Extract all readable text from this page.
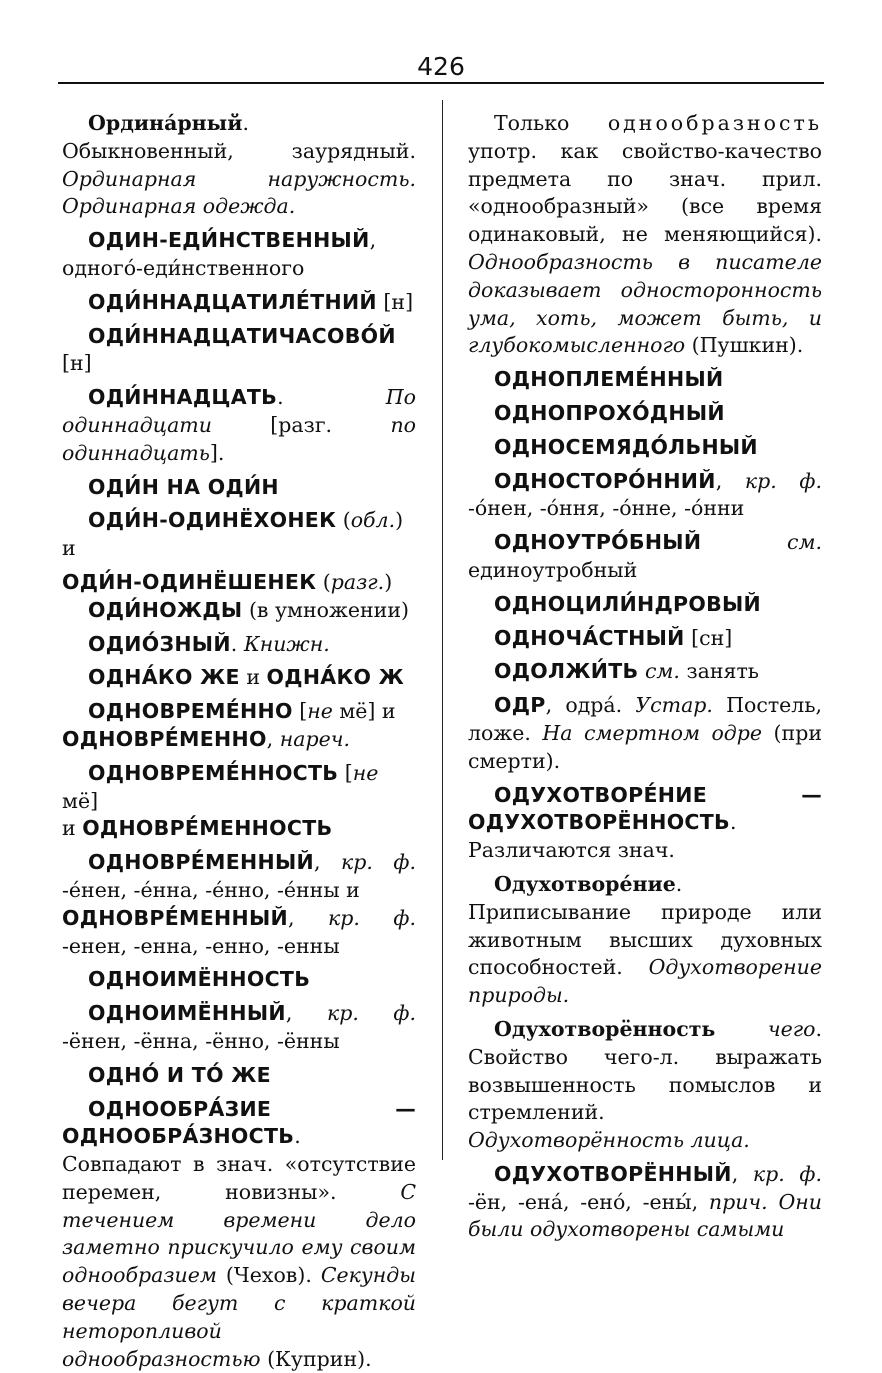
426

Ордина́рный. Обыкновенный, заурядный. Ординарная наружность. Ординарная одежда.

ОДИН-ЕДИ́НСТВЕННЫЙ, одного́-еди́нственного

ОДИ́ННАДЦАТИЛЕ́ТНИЙ [н]

ОДИ́ННАДЦАТИЧАСОВО́Й [н]

ОДИ́ННАДЦАТЬ. По одиннадцати [разг. по одиннадцать].

ОДИ́Н НА ОДИ́Н

ОДИ́Н-ОДИНЁХОНЕК (обл.) и

ОДИ́Н-ОДИНЁШЕНЕК (разг.)

ОДИ́НОЖДЫ (в умножении)

ОДИО́ЗНЫЙ. Книжн.

ОДНА́КО ЖЕ и ОДНА́КО Ж

ОДНОВРЕМЕ́ННО [не мё] и

ОДНОВРЕ́МЕННО, нареч.

ОДНОВРЕМЕ́ННОСТЬ [не мё]

и ОДНОВРЕ́МЕННОСТЬ

ОДНОВРЕ́МЕННЫЙ, кр. ф. -е́нен, -е́нна, -е́нно, -е́нны и

ОДНОВРЕ́МЕННЫЙ, кр. ф. -енен, -енна, -енно, -енны

ОДНОИМЁННОСТЬ

ОДНОИМЁННЫЙ, кр. ф. -ёнен, -ённа, -ённо, -ённы

ОДНО́ И ТО́ ЖЕ

ОДНООБРА́ЗИЕ — ОДНООБРА́ЗНОСТЬ. Совпадают в знач. «отсутствие перемен, новизны». С течением времени дело заметно прискучило ему своим однообразием (Чехов). Секунды вечера бегут с краткой неторопливой однообразностью (Куприн).

Только однообразность употр. как свойство-качество предмета по знач. прил. «однообразный» (все время одинаковый, не меняющийся). Однообразность в писателе доказывает односторонность ума, хоть, может быть, и глубокомысленного (Пушкин).

ОДНОПЛЕМЕ́ННЫЙ

ОДНОПРОХО́ДНЫЙ

ОДНОСЕМЯДО́ЛЬНЫЙ

ОДНОСТОРО́ННИЙ, кр. ф. -о́нен, -о́ння, -о́нне, -о́нни

ОДНОУТРО́БНЫЙ	см. единоутробный

ОДНОЦИЛИ́НДРОВЫЙ

ОДНОЧА́СТНЫЙ [сн]

ОДОЛЖИ́ТЬ см. занять

ОДР, одра́. Устар. Постель, ложе. На смертном одре (при смерти).

ОДУХОТВОРЕ́НИЕ — ОДУХОТВОРЁННОСТЬ. Различаются знач.

Одухотворе́ние. Приписывание природе или животным высших духовных способностей. Одухотворение природы.

Одухотворённость	чего. Свойство чего-л. выражать возвышенность помыслов и стремлений. Одухотворённость лица.

ОДУХОТВОРЁННЫЙ, кр. ф. -ён, -ена́, -ено́, -ены́, прич. Они были одухотворены самыми
